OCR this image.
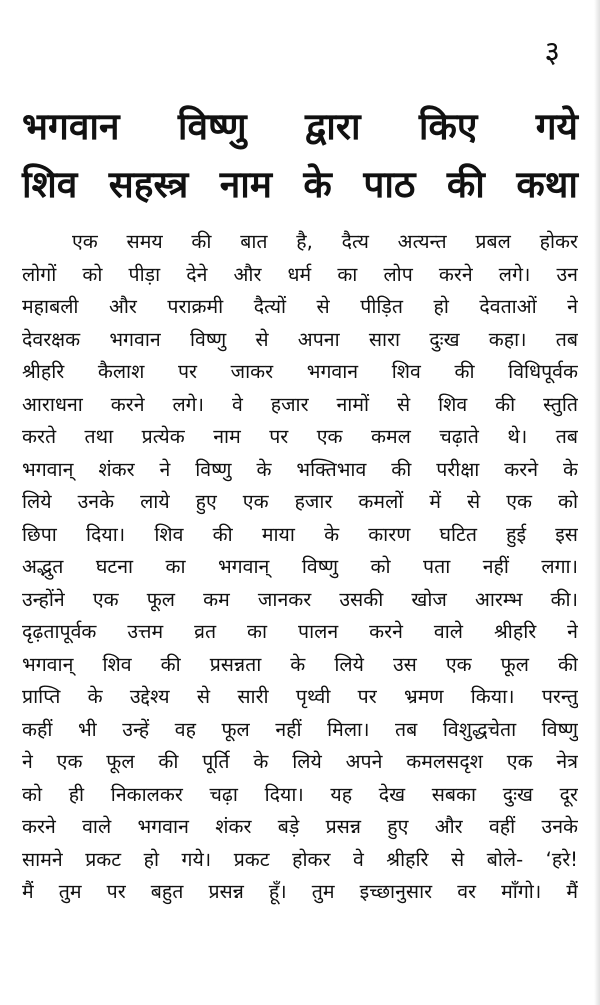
३
भगवान विष्णु द्वारा किए गये
शिव सहस्त्र नाम के पाठ की कथा
एक समय की बात है, दैत्य अत्यन्त प्रबल होकर
लोगों को पीड़ा देने और धर्म का लोप करने लगे। उन
महाबली और पराक्रमी दैत्यों से पीड़ित हो देवताओं ने
देवरक्षक भगवान विष्णु से अपना सारा दुःख कहा। तब
श्रीहरि कैलाश पर जाकर भगवान शिव की विधिपूर्वक
आराधना करने लगे। वे हजार नामों से शिव की स्तुति
करते तथा प्रत्येक नाम पर एक कमल चढ़ाते थे। तब
भगवान् शंकर ने विष्णु के भक्तिभाव की परीक्षा करने के
लिये उनके लाये हुए एक हजार कमलों में से एक को
छिपा दिया। शिव की माया के कारण घटित हुई इस
अद्भुत घटना का भगवान् विष्णु को पता नहीं लगा।
उन्होंने एक फूल कम जानकर उसकी खोज आरम्भ की।
दृढ़तापूर्वक उत्तम व्रत का पालन करने वाले श्रीहरि ने
भगवान् शिव की प्रसन्नता के लिये उस एक फूल की
प्राप्ति के उद्देश्य से सारी पृथ्वी पर भ्रमण किया। परन्तु
कहीं भी उन्हें वह फूल नहीं मिला। तब विशुद्धचेता विष्णु
ने एक फूल की पूर्ति के लिये अपने कमलसदृश एक नेत्र
को ही निकालकर चढ़ा दिया। यह देख सबका दुःख दूर
करने वाले भगवान शंकर बड़े प्रसन्न हुए और वहीं उनके
सामने प्रकट हो गये। प्रकट होकर वे श्रीहरि से बोले- ‘हरे!
मैं तुम पर बहुत प्रसन्न हूँ। तुम इच्छानुसार वर माँगो। मैं
